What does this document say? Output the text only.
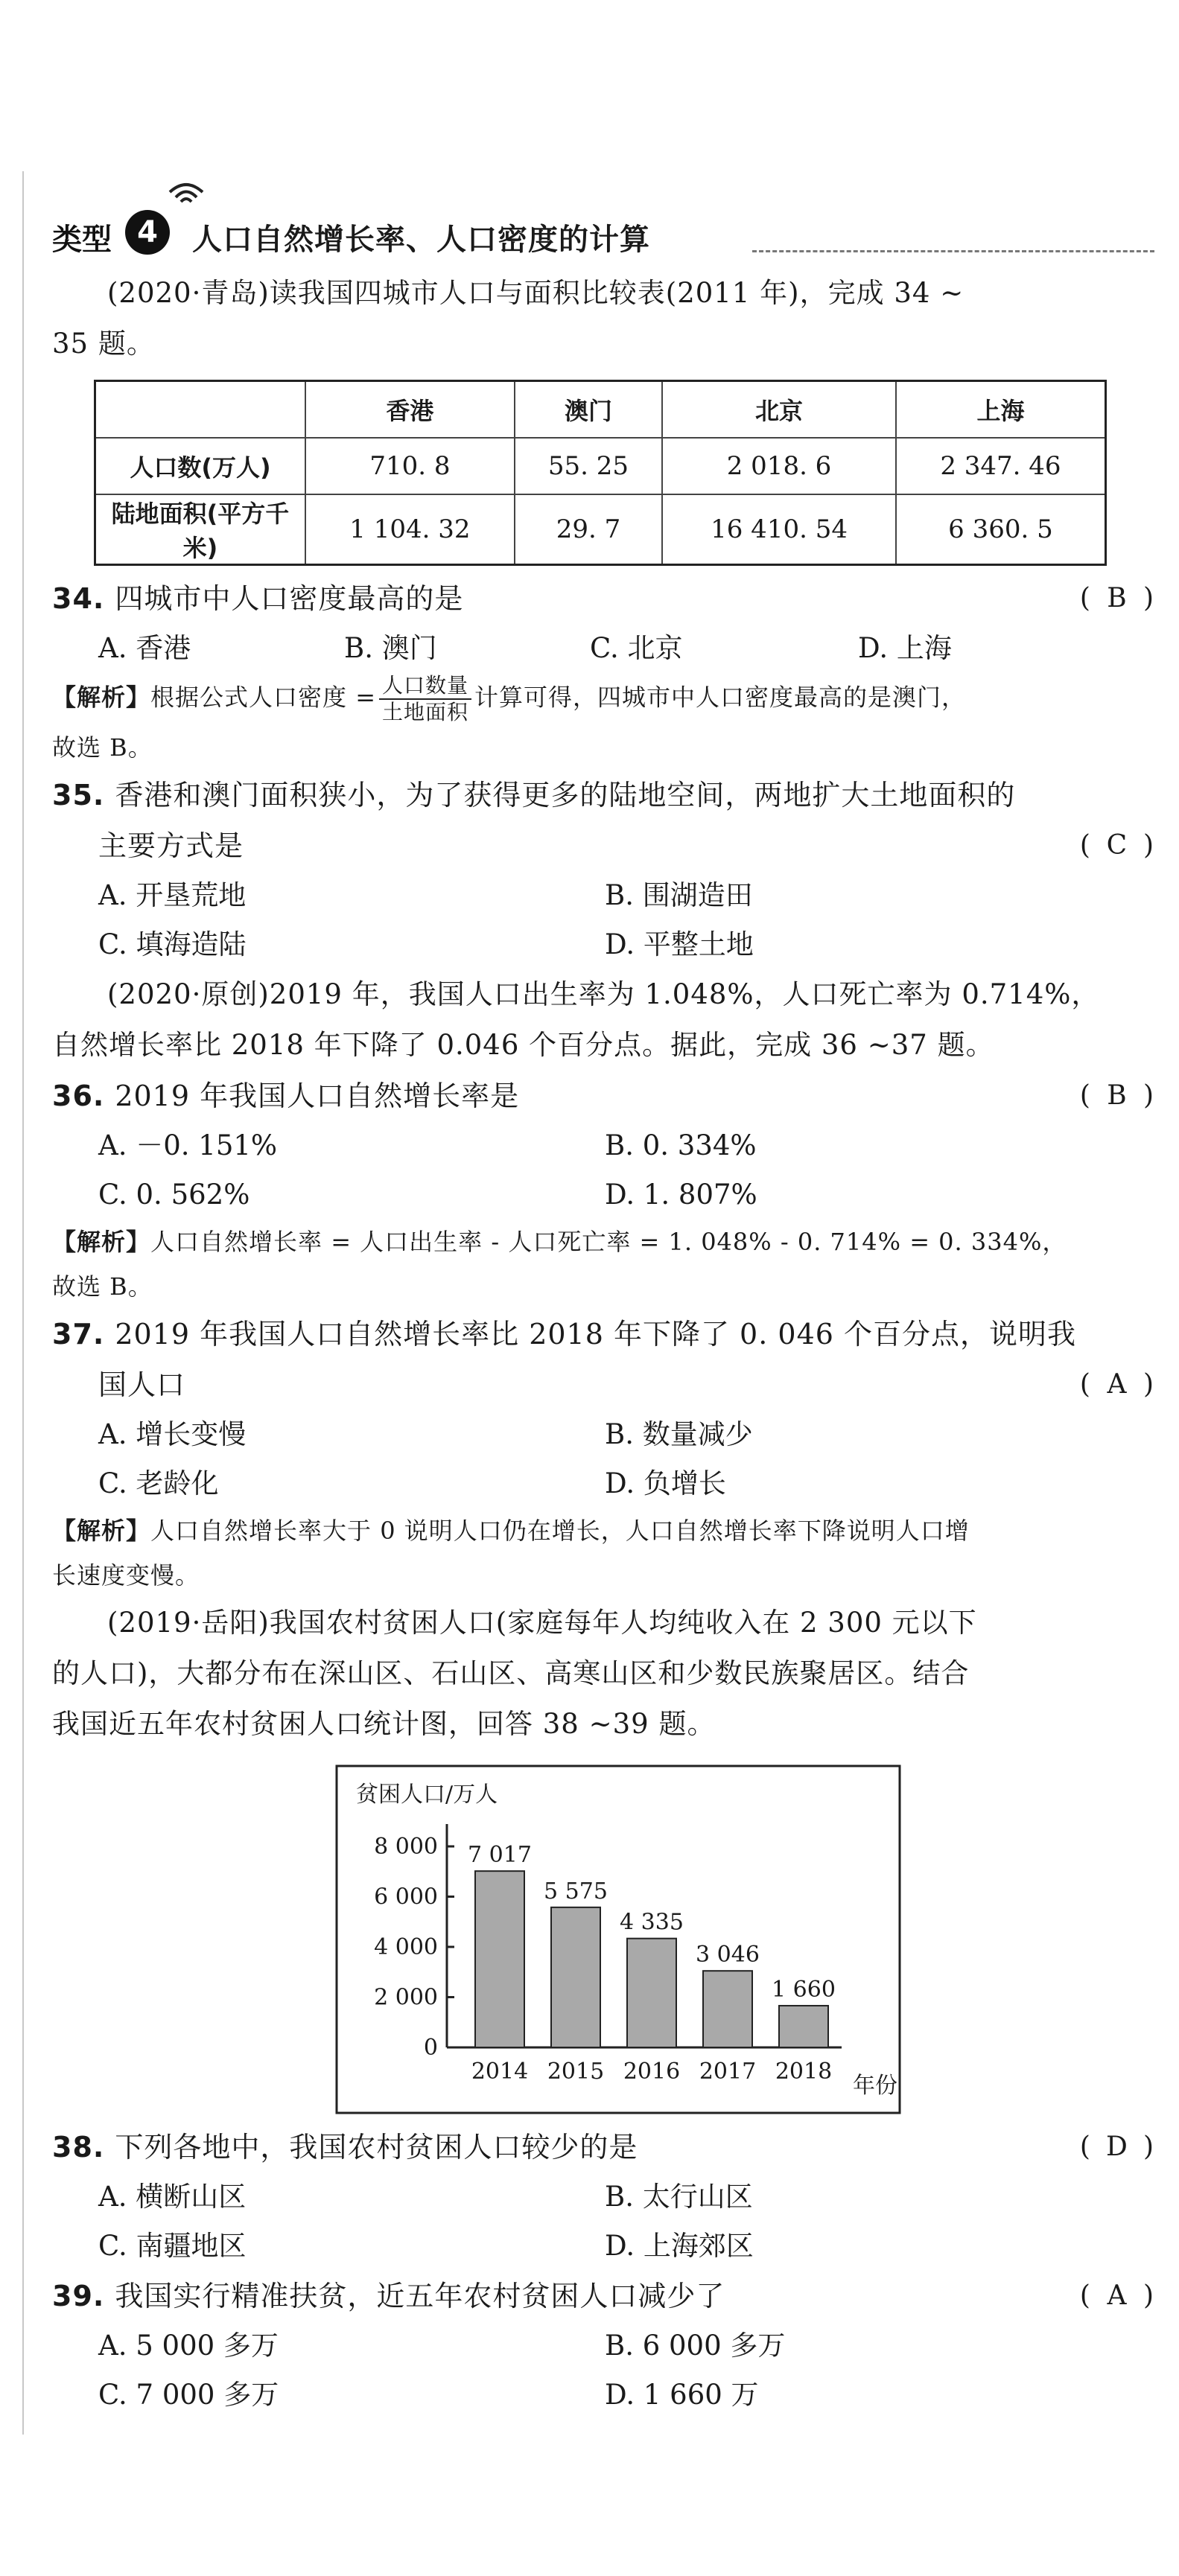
类型 4	人口自然增长率、人口密度的计算

(2020·青岛)读我国四城市人口与面积比较表(2011 年)，完成 34 ~

35 题。

	香港	澳门	北京	上海
人口数(万人)	710. 8	55. 25	2 018. 6	2 347. 46
陆地面积(平方千米)	1 104. 32	29. 7	16 410. 54	6 360. 5
34. 四城市中人口密度最高的是	( B )
A. 香港	B. 澳门	C. 北京	D. 上海
【解析】根据公式人口密度 = $\frac{\text{人口数量}}{\text{土地面积}}$ 计算可得，四城市中人口密度最高的是澳门，
故选 B。
35. 香港和澳门面积狭小，为了获得更多的陆地空间，两地扩大土地面积的
主要方式是	( C )
A. 开垦荒地	B. 围湖造田
C. 填海造陆	D. 平整土地

(2020·原创)2019 年，我国人口出生率为 1.048%，人口死亡率为 0.714%，

自然增长率比 2018 年下降了 0.046 个百分点。据此，完成 36 ~37 题。

36. 2019 年我国人口自然增长率是	( B )
A. －0. 151%	B. 0. 334%
C. 0. 562%	D. 1. 807%
【解析】人口自然增长率 = 人口出生率 - 人口死亡率 = 1. 048% - 0. 714% = 0. 334%，
故选 B。
37. 2019 年我国人口自然增长率比 2018 年下降了 0. 046 个百分点，说明我
国人口	( A )
A. 增长变慢	B. 数量减少
C. 老龄化	D. 负增长
【解析】人口自然增长率大于 0 说明人口仍在增长，人口自然增长率下降说明人口增
长速度变慢。

(2019·岳阳)我国农村贫困人口(家庭每年人均纯收入在 2 300 元以下

的人口)，大都分布在深山区、石山区、高寒山区和少数民族聚居区。结合

我国近五年农村贫困人口统计图，回答 38 ~39 题。

贫困人口/万人
年份
0
2 000
4 000
6 000
8 000 7 017
2014
5 575
2015
4 335
2016
3 046
2017
1 660
2018
38. 下列各地中，我国农村贫困人口较少的是	( D )
A. 横断山区	B. 太行山区
C. 南疆地区	D. 上海郊区
39. 我国实行精准扶贫，近五年农村贫困人口减少了	( A )
A. 5 000 多万	B. 6 000 多万
C. 7 000 多万	D. 1 660 万
